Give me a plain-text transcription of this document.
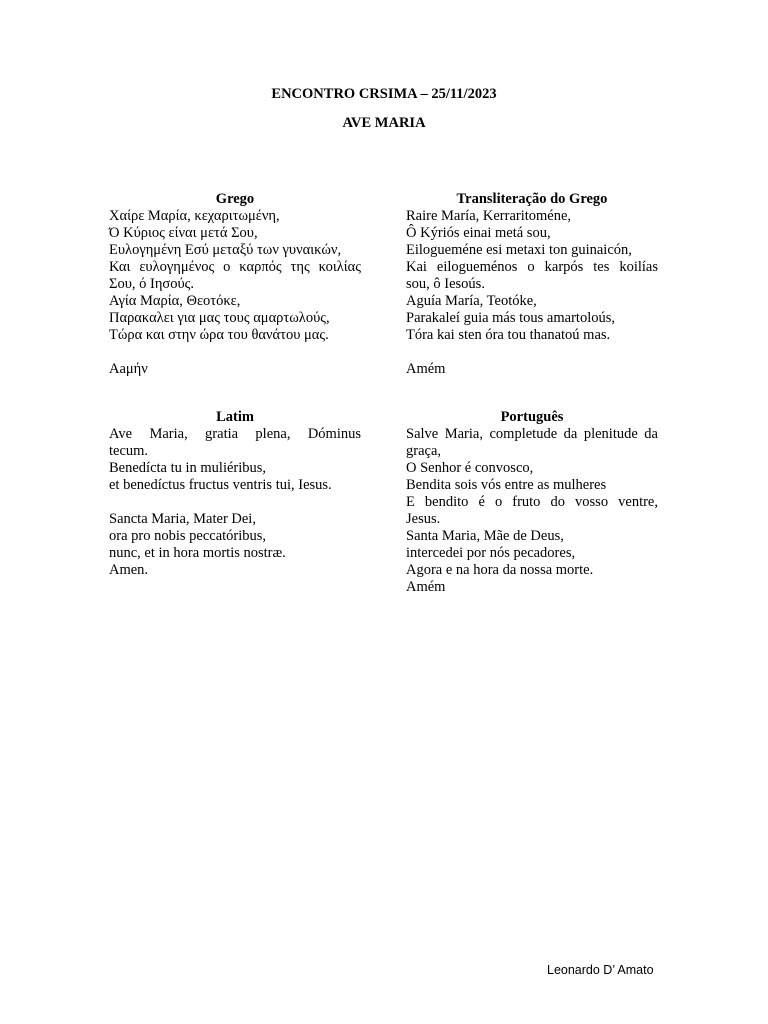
ENCONTRO CRSIMA – 25/11/2023
AVE MARIA
Grego
Χαίρε Μαρία, κεχαριτωμένη,
Ό Κύριος είναι μετά Σου,
Ευλογημένη Εσύ μεταξύ των γυναικών,
Και ευλογημένος ο καρπός της κοιλίας
Σου, ό Ιησούς.
Αγία Μαρία, Θεοτόκε,
Παρακαλει για μας τους αμαρτωλούς,
Τώρα και στην ώρα του θανάτου μας.
Αaμήν
Transliteração do Grego
Raire María, Kerraritoméne,
Ô Kýriós einai metá sou,
Eilogueméne esi metaxi ton guinaicón,
Kai eilogueménos o karpós tes koilías
sou, ô Iesoús.
Aguía María, Teotóke,
Parakaleí guia más tous amartoloús,
Tóra kai sten óra tou thanatoú mas.
Amém
Latim
Ave Maria, gratia plena, Dóminus
tecum.
Benedícta tu in muliéribus,
et benedíctus fructus ventris tui, Iesus.
Sancta Maria, Mater Dei,
ora pro nobis peccatóribus,
nunc, et in hora mortis nostræ.
Amen.
Português
Salve Maria, completude da plenitude da
graça,
O Senhor é convosco,
Bendita sois vós entre as mulheres
E bendito é o fruto do vosso ventre,
Jesus.
Santa Maria, Mãe de Deus,
intercedei por nós pecadores,
Agora e na hora da nossa morte.
Amém
Leonardo D’ Amato
